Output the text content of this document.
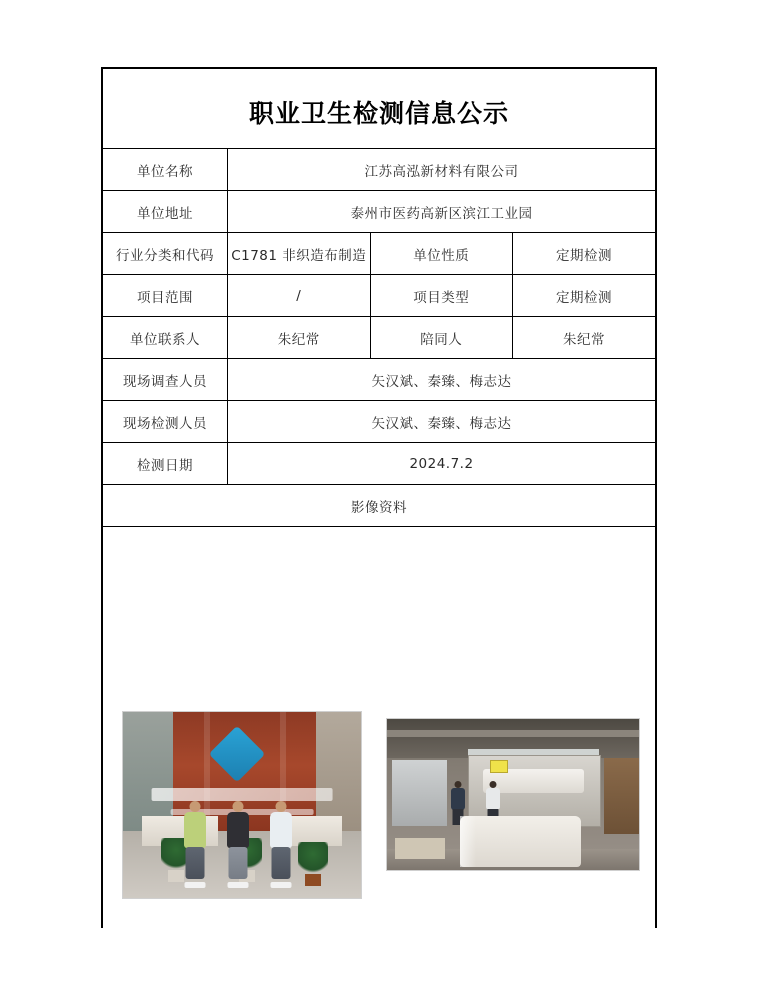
职业卫生检测信息公示
单位名称	江苏高泓新材料有限公司		
单位地址	泰州市医药高新区滨江工业园		
行业分类和代码	C1781 非织造布制造	单位性质	定期检测
项目范围	/	项目类型	定期检测
单位联系人	朱纪常	陪同人	朱纪常
现场调查人员	矢汉斌、秦臻、梅志达		
现场检测人员	矢汉斌、秦臻、梅志达		
检测日期	2024.7.2		
影像资料			
